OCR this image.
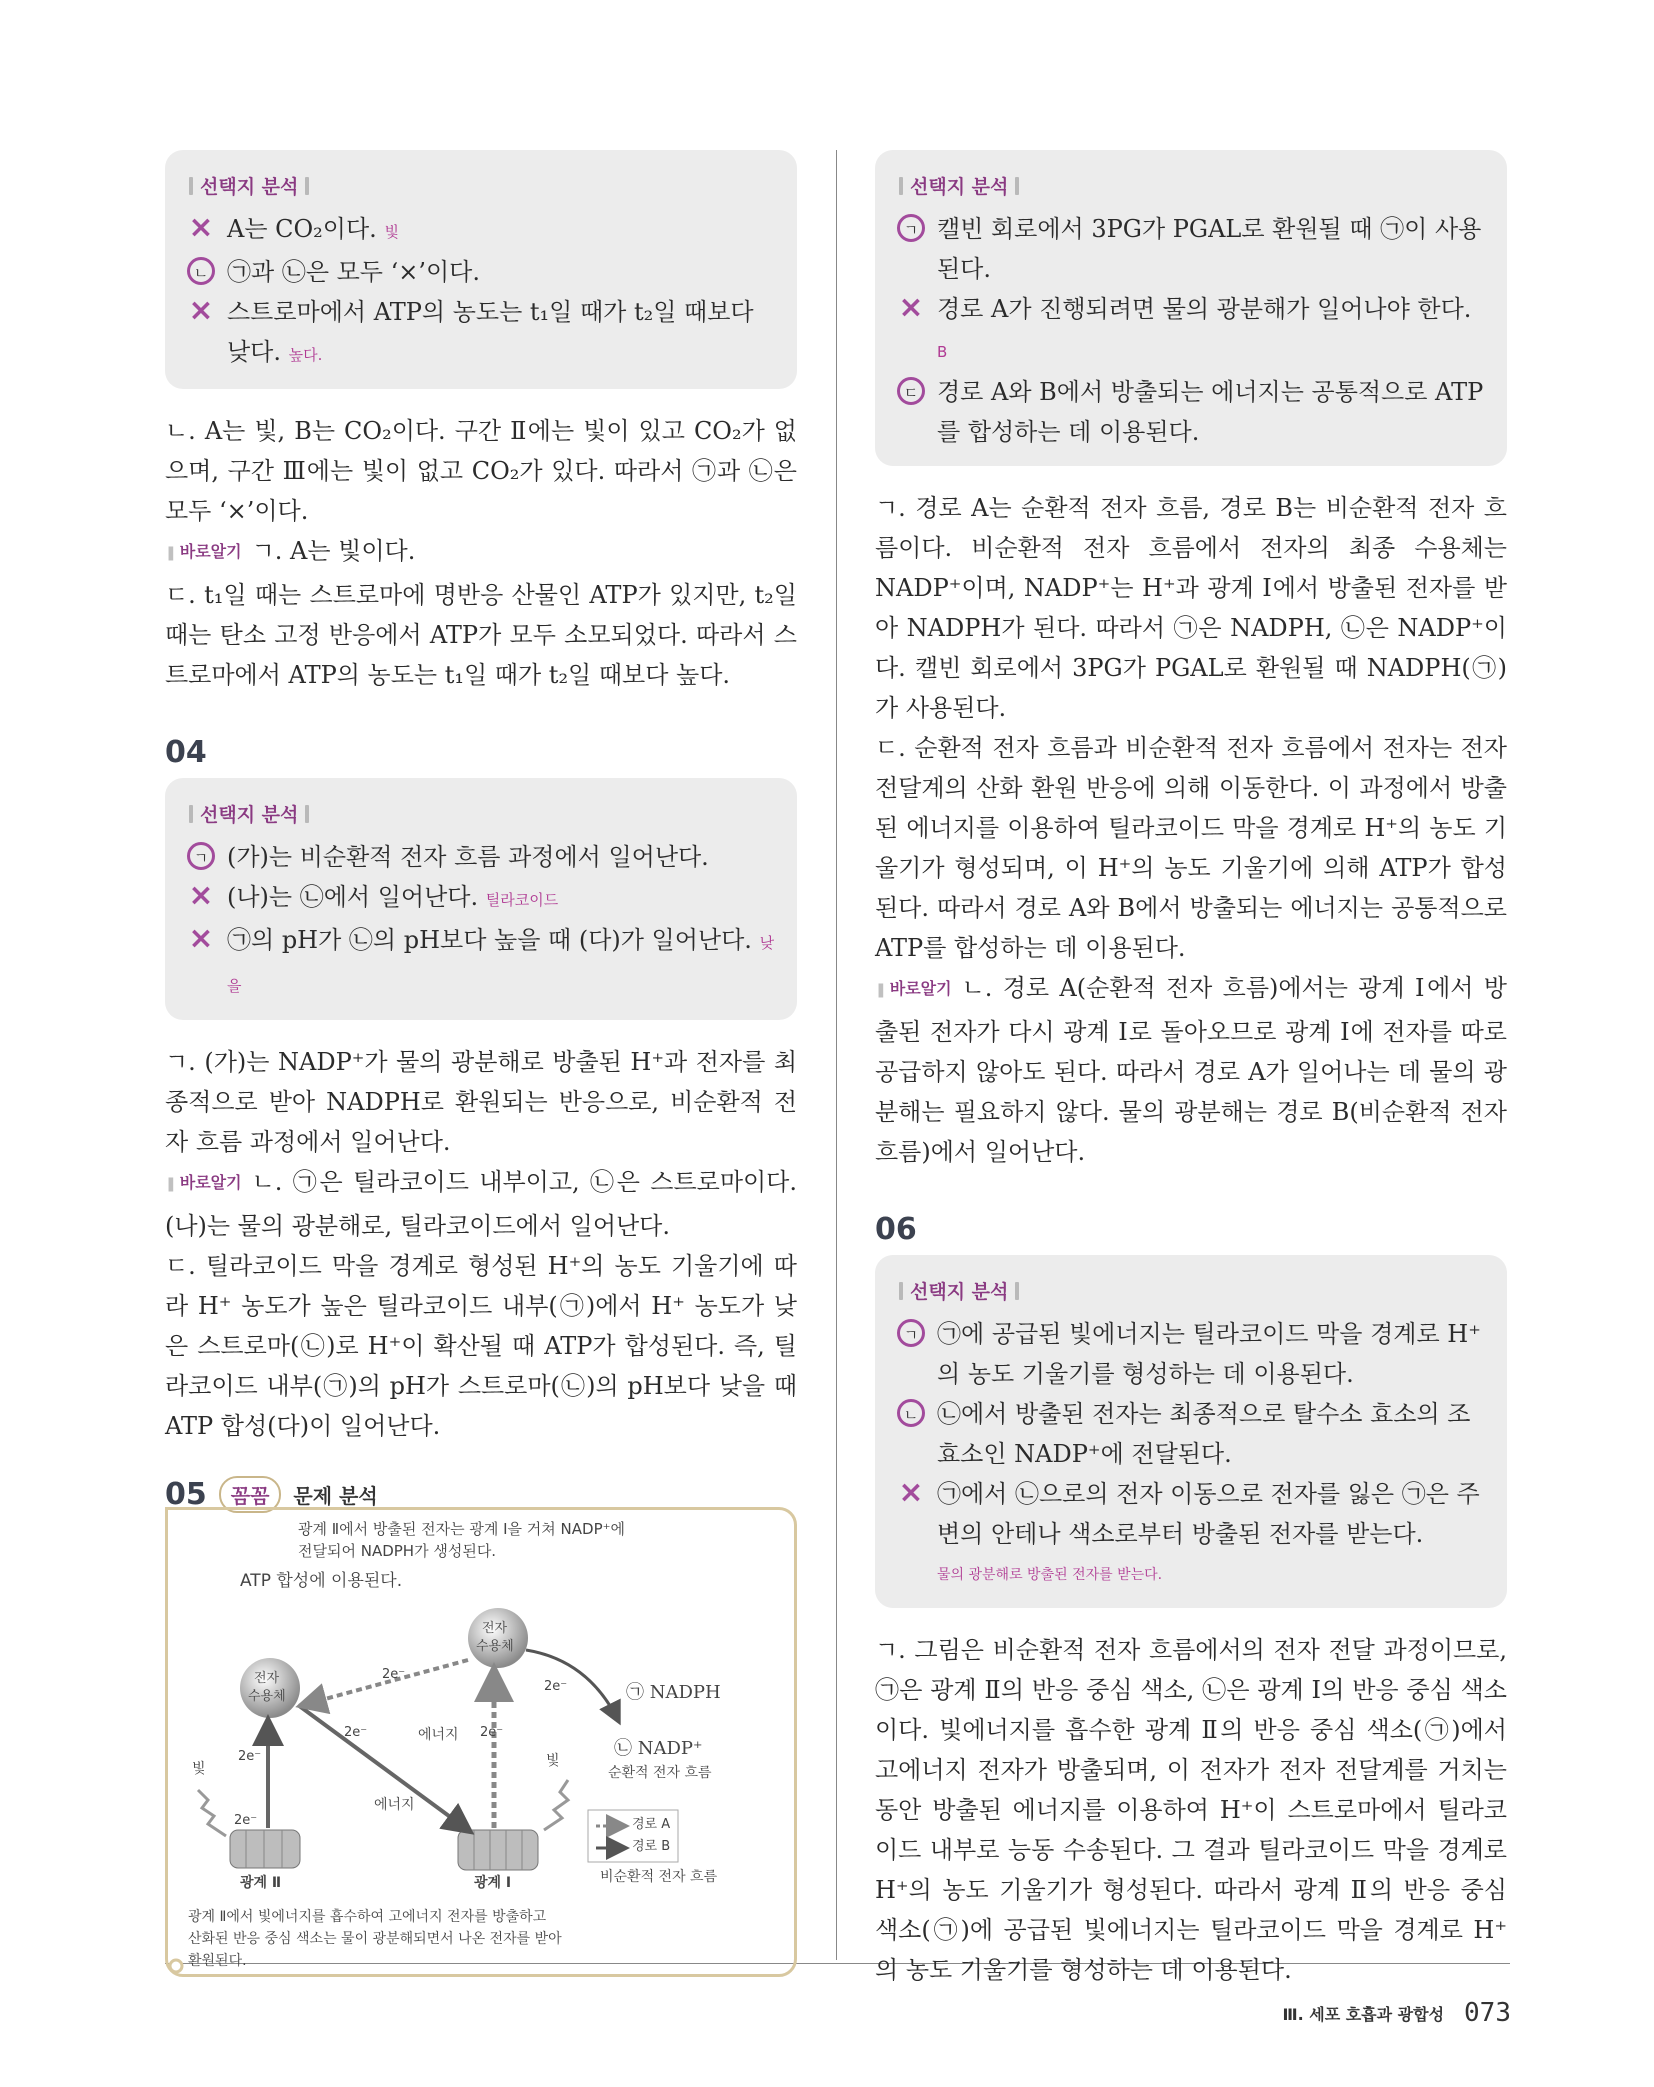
선택지 분석
× A는 CO₂이다. 빛
ㄴ ㉠과 ㉡은 모두 ‘×’이다.
× 스트로마에서 ATP의 농도는 t₁일 때가 t₂일 때보다 낮다. 높다.

ㄴ. A는 빛, B는 CO₂이다. 구간 Ⅱ에는 빛이 있고 CO₂가 없으며, 구간 Ⅲ에는 빛이 없고 CO₂가 있다. 따라서 ㉠과 ㉡은 모두 ‘×’이다.

❚ 바로알기 ㄱ. A는 빛이다.

ㄷ. t₁일 때는 스트로마에 명반응 산물인 ATP가 있지만, t₂일 때는 탄소 고정 반응에서 ATP가 모두 소모되었다. 따라서 스트로마에서 ATP의 농도는 t₁일 때가 t₂일 때보다 높다.

04
선택지 분석
ㄱ (가)는 비순환적 전자 흐름 과정에서 일어난다.
× (나)는 ㉡에서 일어난다. 틸라코이드
× ㉠의 pH가 ㉡의 pH보다 높을 때 (다)가 일어난다. 낮을

ㄱ. (가)는 NADP⁺가 물의 광분해로 방출된 H⁺과 전자를 최종적으로 받아 NADPH로 환원되는 반응으로, 비순환적 전자 흐름 과정에서 일어난다.

❚ 바로알기 ㄴ. ㉠은 틸라코이드 내부이고, ㉡은 스트로마이다. (나)는 물의 광분해로, 틸라코이드에서 일어난다.

ㄷ. 틸라코이드 막을 경계로 형성된 H⁺의 농도 기울기에 따라 H⁺ 농도가 높은 틸라코이드 내부(㉠)에서 H⁺ 농도가 낮은 스트로마(㉡)로 H⁺이 확산될 때 ATP가 합성된다. 즉, 틸라코이드 내부(㉠)의 pH가 스트로마(㉡)의 pH보다 낮을 때 ATP 합성(다)이 일어난다.

05	꼼꼼	문제 분석
광계 Ⅱ에서 방출된 전자는 광계 Ⅰ을 거쳐 NADP⁺에
전달되어 NADPH가 생성된다.
ATP 합성에 이용된다.
전자
수용체
전자
수용체
2e⁻
2e⁻
2e⁻	2e⁻
2e⁻
2e⁻
에너지
에너지
빛	빛
광계 Ⅱ	광계 Ⅰ
㉠ NADPH
㉡ NADP⁺
순환적 전자 흐름
경로 A
경로 B
비순환적 전자 흐름
광계 Ⅱ에서 빛에너지를 흡수하여 고에너지 전자를 방출하고
산화된 반응 중심 색소는 물이 광분해되면서 나온 전자를 받아
환원된다.
선택지 분석
ㄱ 캘빈 회로에서 3PG가 PGAL로 환원될 때 ㉠이 사용된다.
× 경로 A가 진행되려면 물의 광분해가 일어나야 한다. B
ㄷ 경로 A와 B에서 방출되는 에너지는 공통적으로 ATP를 합성하는 데 이용된다.

ㄱ. 경로 A는 순환적 전자 흐름, 경로 B는 비순환적 전자 흐름이다. 비순환적 전자 흐름에서 전자의 최종 수용체는 NADP⁺이며, NADP⁺는 H⁺과 광계 Ⅰ에서 방출된 전자를 받아 NADPH가 된다. 따라서 ㉠은 NADPH, ㉡은 NADP⁺이다. 캘빈 회로에서 3PG가 PGAL로 환원될 때 NADPH(㉠)가 사용된다.

ㄷ. 순환적 전자 흐름과 비순환적 전자 흐름에서 전자는 전자 전달계의 산화 환원 반응에 의해 이동한다. 이 과정에서 방출된 에너지를 이용하여 틸라코이드 막을 경계로 H⁺의 농도 기울기가 형성되며, 이 H⁺의 농도 기울기에 의해 ATP가 합성된다. 따라서 경로 A와 B에서 방출되는 에너지는 공통적으로 ATP를 합성하는 데 이용된다.

❚ 바로알기 ㄴ. 경로 A(순환적 전자 흐름)에서는 광계 Ⅰ에서 방출된 전자가 다시 광계 Ⅰ로 돌아오므로 광계 Ⅰ에 전자를 따로 공급하지 않아도 된다. 따라서 경로 A가 일어나는 데 물의 광분해는 필요하지 않다. 물의 광분해는 경로 B(비순환적 전자 흐름)에서 일어난다.

06
선택지 분석
ㄱ ㉠에 공급된 빛에너지는 틸라코이드 막을 경계로 H⁺의 농도 기울기를 형성하는 데 이용된다.
ㄴ ㉡에서 방출된 전자는 최종적으로 탈수소 효소의 조효소인 NADP⁺에 전달된다.
× ㉠에서 ㉡으로의 전자 이동으로 전자를 잃은 ㉠은 주변의 안테나 색소로부터 방출된 전자를 받는다. 물의 광분해로 방출된 전자를 받는다.

ㄱ. 그림은 비순환적 전자 흐름에서의 전자 전달 과정이므로, ㉠은 광계 Ⅱ의 반응 중심 색소, ㉡은 광계 Ⅰ의 반응 중심 색소이다. 빛에너지를 흡수한 광계 Ⅱ의 반응 중심 색소(㉠)에서 고에너지 전자가 방출되며, 이 전자가 전자 전달계를 거치는 동안 방출된 에너지를 이용하여 H⁺이 스트로마에서 틸라코이드 내부로 능동 수송된다. 그 결과 틸라코이드 막을 경계로 H⁺의 농도 기울기가 형성된다. 따라서 광계 Ⅱ의 반응 중심 색소(㉠)에 공급된 빛에너지는 틸라코이드 막을 경계로 H⁺의 농도 기울기를 형성하는 데 이용된다.

Ⅲ. 세포 호흡과 광합성 073
